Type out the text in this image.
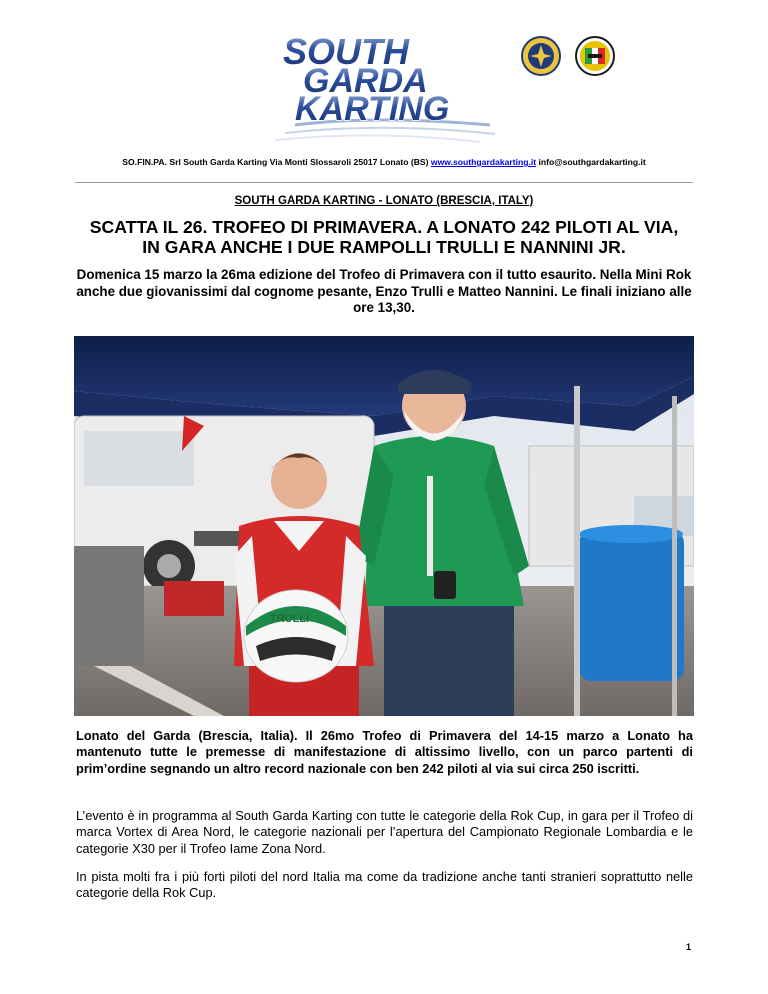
SOUTH
GARDA
KARTING
SO.FIN.PA. Srl South Garda Karting Via Monti Slossaroli 25017 Lonato (BS) www.southgardakarting.it info@southgardakarting.it
SOUTH GARDA KARTING - LONATO (BRESCIA, ITALY)
SCATTA IL 26. TROFEO DI PRIMAVERA. A LONATO 242 PILOTI AL VIA,
IN GARA ANCHE I DUE RAMPOLLI TRULLI E NANNINI JR.
Domenica 15 marzo la 26ma edizione del Trofeo di Primavera con il tutto esaurito. Nella Mini Rok anche due giovanissimi dal cognome pesante, Enzo Trulli e Matteo Nannini. Le finali iniziano alle ore 13,30.
TRULLI
Lonato del Garda (Brescia, Italia). Il 26mo Trofeo di Primavera del 14-15 marzo a Lonato ha mantenuto tutte le premesse di manifestazione di altissimo livello, con un parco partenti di prim’ordine segnando un altro record nazionale con ben 242 piloti al via sui circa 250 iscritti.
L’evento è in programma al South Garda Karting con tutte le categorie della Rok Cup, in gara per il Trofeo di marca Vortex di Area Nord, le categorie nazionali per l’apertura del Campionato Regionale Lombardia e le categorie X30 per il Trofeo Iame Zona Nord.
In pista molti fra i più forti piloti del nord Italia ma come da tradizione anche tanti stranieri soprattutto nelle categorie della Rok Cup.
1
